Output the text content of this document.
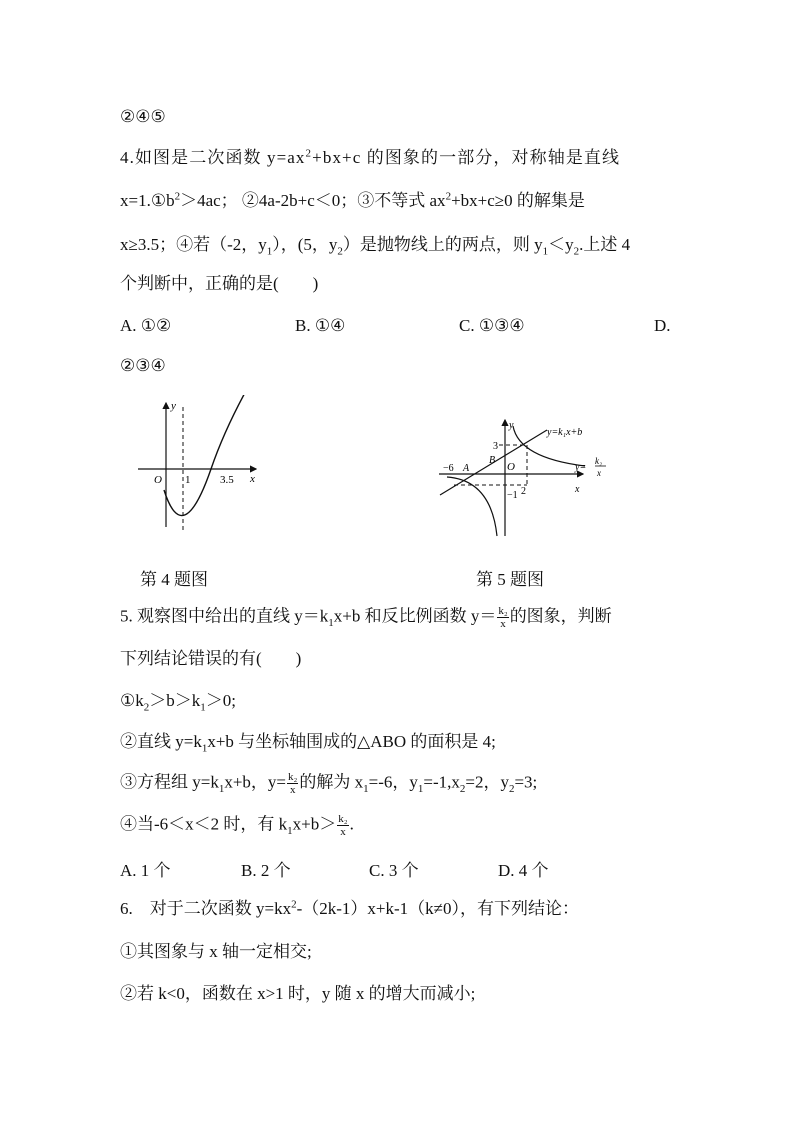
②④⑤
4.如图是二次函数 $y=ax^2+bx+c$ 的图象的一部分，对称轴是直线
$x=1.①b^2>4ac$； ②4a-2b+c＜0；③不等式 $ax^2+bx+c\ge 0$ 的解集是
x≥3.5；④若（-2，$y_1$），(5，$y_2$）是抛物线上的两点，则 $y_1<y_2$.上述 4
个判断中，正确的是(　　)
A. ①②	B. ①④	C. ①③④	D.
②③④
y
x
O 1	3.5
第 4 题图
y=k₁x+b
y=
k₂
x
y
x
O
−6 A
B
3
−1 2
第 5 题图
5. 观察图中给出的直线 $y=k_1x+b$ 和反比例函数 $y= \frac{\text{k₂}}{x}$ 的图象，判断
下列结论错误的有(　　)
$①k_2>b>k_1>0$;
②直线 $y=k_1x+b$ 与坐标轴围成的△ABO 的面积是 4;
③方程组 $y=k_1x+b$，$y= \frac{\text{k₂}}{x}$ 的解为 $x_1=-6$，$y_1=-1,x_2=2$，$y_2=3$;
④当-6＜x＜2 时，有 $k_1x+b> \frac{\text{k₂}}{x}$ .
A. 1 个	B. 2 个	C. 3 个	D. 4 个
6.　对于二次函数 $y=kx^2-(2k-1)x+k-1(k\ne 0)$，有下列结论：
①其图象与 x 轴一定相交;
②若 k<0，函数在 x>1 时，y 随 x 的增大而减小;
